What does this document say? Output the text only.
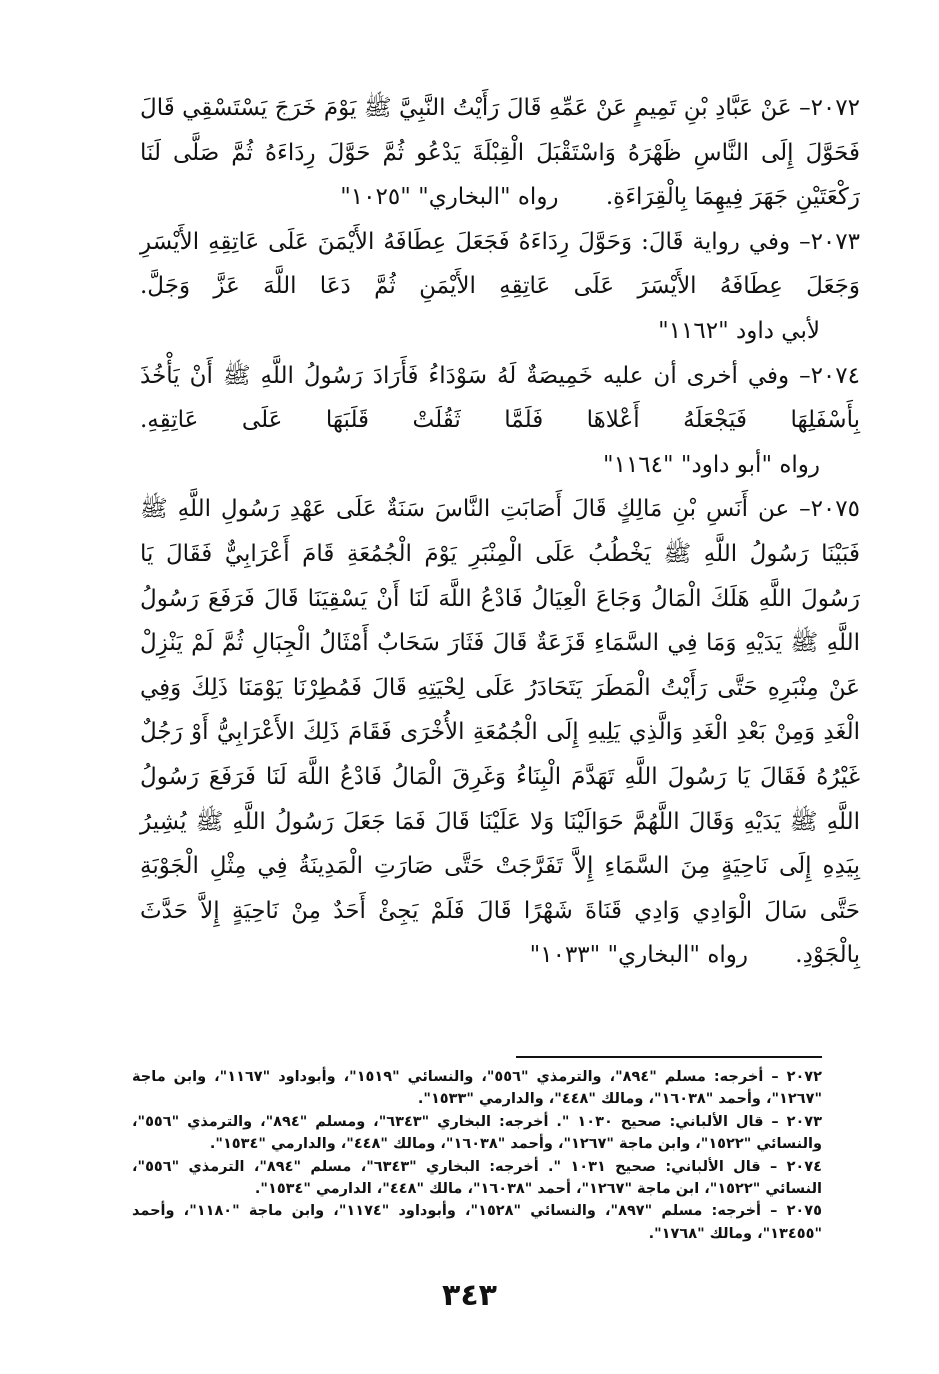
٢٠٧٢– عَنْ عَبَّادِ بْنِ تَمِيمٍ عَنْ عَمِّهِ قَالَ رَأَيْتُ النَّبِيَّ ﷺ يَوْمَ خَرَجَ يَسْتَسْقِي قَالَ فَحَوَّلَ إِلَى النَّاسِ ظَهْرَهُ وَاسْتَقْبَلَ الْقِبْلَةَ يَدْعُو ثُمَّ حَوَّلَ رِدَاءَهُ ثُمَّ صَلَّى لَنَا رَكْعَتَيْنِ جَهَرَ فِيهِمَا بِالْقِرَاءَةِ. رواه "البخاري" "١٠٢٥"

٢٠٧٣– وفي رواية قَالَ: وَحَوَّلَ رِدَاءَهُ فَجَعَلَ عِطَافَهُ الأَيْمَنَ عَلَى عَاتِقِهِ الأَيْسَرِ وَجَعَلَ عِطَافَهُ الأَيْسَرَ عَلَى عَاتِقِهِ الأَيْمَنِ ثُمَّ دَعَا اللَّهَ عَزَّ وَجَلَّ. لأبي داود "١١٦٢"

٢٠٧٤– وفي أخرى أن عليه خَمِيصَةٌ لَهُ سَوْدَاءُ فَأَرَادَ رَسُولُ اللَّهِ ﷺ أَنْ يَأْخُذَ بِأَسْفَلِهَا فَيَجْعَلَهُ أَعْلاهَا فَلَمَّا ثَقُلَتْ قَلَبَهَا عَلَى عَاتِقِهِ. رواه "أبو داود" "١١٦٤"

٢٠٧٥– عن أَنَسِ بْنِ مَالِكٍ قَالَ أَصَابَتِ النَّاسَ سَنَةٌ عَلَى عَهْدِ رَسُولِ اللَّهِ ﷺ فَبَيْنَا رَسُولُ اللَّهِ ﷺ يَخْطُبُ عَلَى الْمِنْبَرِ يَوْمَ الْجُمُعَةِ قَامَ أَعْرَابِيٌّ فَقَالَ يَا رَسُولَ اللَّهِ هَلَكَ الْمَالُ وَجَاعَ الْعِيَالُ فَادْعُ اللَّهَ لَنَا أَنْ يَسْقِيَنَا قَالَ فَرَفَعَ رَسُولُ اللَّهِ ﷺ يَدَيْهِ وَمَا فِي السَّمَاءِ قَزَعَةٌ قَالَ فَثَارَ سَحَابٌ أَمْثَالُ الْجِبَالِ ثُمَّ لَمْ يَنْزِلْ عَنْ مِنْبَرِهِ حَتَّى رَأَيْتُ الْمَطَرَ يَتَحَادَرُ عَلَى لِحْيَتِهِ قَالَ فَمُطِرْنَا يَوْمَنَا ذَلِكَ وَفِي الْغَدِ وَمِنْ بَعْدِ الْغَدِ وَالَّذِي يَلِيهِ إِلَى الْجُمُعَةِ الأُخْرَى فَقَامَ ذَلِكَ الأَعْرَابِيُّ أَوْ رَجُلٌ غَيْرُهُ فَقَالَ يَا رَسُولَ اللَّهِ تَهَدَّمَ الْبِنَاءُ وَغَرِقَ الْمَالُ فَادْعُ اللَّهَ لَنَا فَرَفَعَ رَسُولُ اللَّهِ ﷺ يَدَيْهِ وَقَالَ اللَّهُمَّ حَوَالَيْنَا وَلا عَلَيْنَا قَالَ فَمَا جَعَلَ رَسُولُ اللَّهِ ﷺ يُشِيرُ بِيَدِهِ إِلَى نَاحِيَةٍ مِنَ السَّمَاءِ إِلاَّ تَفَرَّجَتْ حَتَّى صَارَتِ الْمَدِينَةُ فِي مِثْلِ الْجَوْبَةِ حَتَّى سَالَ الْوَادِي وَادِي قَنَاةَ شَهْرًا قَالَ فَلَمْ يَجِئْ أَحَدٌ مِنْ نَاحِيَةٍ إِلاَّ حَدَّثَ بِالْجَوْدِ. رواه "البخاري" "١٠٣٣"

٢٠٧٢ – أخرجه: مسلم "٨٩٤"، والترمذي "٥٥٦"، والنسائي "١٥١٩"، وأبوداود "١١٦٧"، وابن ماجة "١٢٦٧"، وأحمد "١٦٠٣٨"، ومالك "٤٤٨"، والدارمي "١٥٣٣".

٢٠٧٣ – قال الألباني: صحيح ١٠٣٠ ". أخرجه: البخاري "٦٣٤٣"، ومسلم "٨٩٤"، والترمذي "٥٥٦"، والنسائي "١٥٢٢"، وابن ماجة "١٢٦٧"، وأحمد "١٦٠٣٨"، ومالك "٤٤٨"، والدارمي "١٥٣٤".

٢٠٧٤ – قال الألباني: صحيح ١٠٣١ ". أخرجه: البخاري "٦٣٤٣"، مسلم "٨٩٤"، الترمذي "٥٥٦"، النسائي "١٥٢٢"، ابن ماجة "١٢٦٧"، أحمد "١٦٠٣٨"، مالك "٤٤٨"، الدارمي "١٥٣٤".

٢٠٧٥ – أخرجه: مسلم "٨٩٧"، والنسائي "١٥٢٨"، وأبوداود "١١٧٤"، وابن ماجة "١١٨٠"، وأحمد "١٣٤٥٥"، ومالك "١٧٦٨".

٣٤٣
